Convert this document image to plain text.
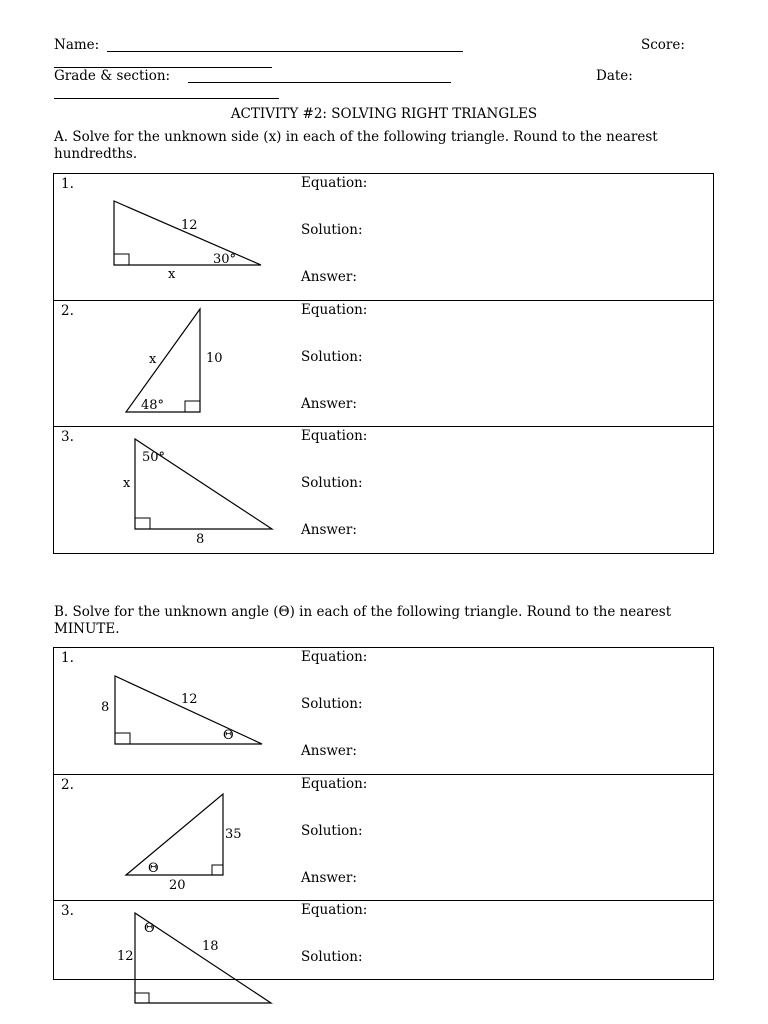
Name:	Score:
Grade & section:	Date:
ACTIVITY #2: SOLVING RIGHT TRIANGLES
A. Solve for the unknown side (x) in each of the following triangle. Round to the nearest hundredths.
1.	Equation:
Solution:
Answer:
12
30°
x
2.	Equation:
Solution:
Answer:
x	10
48°
3.	Equation:
Solution:
Answer:
50°
x
8
B. Solve for the unknown angle (Θ) in each of the following triangle. Round to the nearest MINUTE.
1.	Equation:
Solution:
Answer:
8
12
Θ
2.	Equation:
Solution:
Answer:
35
Θ
20
3.	Equation:
Solution:
Θ
12
18
